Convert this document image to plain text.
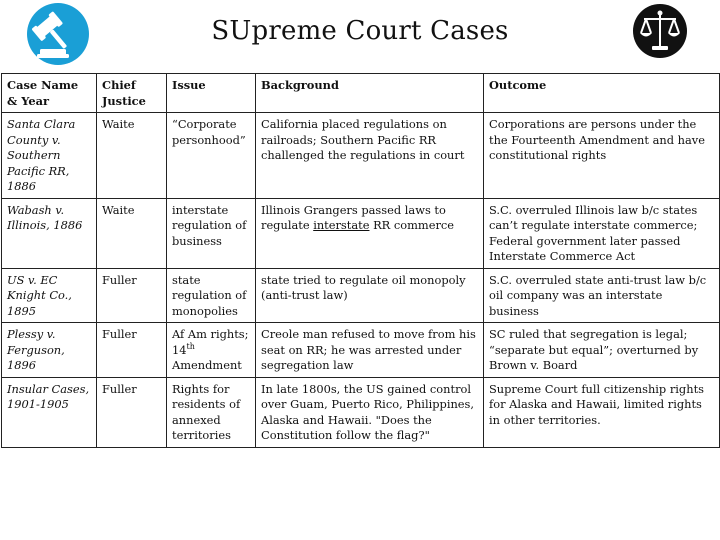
SUpreme Court Cases
Case Name & Year	Chief Justice	Issue	Background	Outcome
Santa Clara County v. Southern Pacific RR, 1886	Waite	“Corporate personhood”	California placed regulations on railroads; Southern Pacific RR challenged the regulations in court	Corporations are persons under the the Fourteenth Amendment and have constitutional rights
Wabash v. Illinois, 1886	Waite	interstate regulation of business	Illinois Grangers passed laws to regulate interstate RR commerce	S.C. overruled Illinois law b/c states can’t regulate interstate commerce; Federal government later passed Interstate Commerce Act
US v. EC Knight Co., 1895	Fuller	state regulation of monopolies	state tried to regulate oil monopoly (anti-trust law)	S.C. overruled state anti-trust law b/c oil company was an interstate business
Plessy v. Ferguson, 1896	Fuller	Af Am rights; 14th Amendment	Creole man refused to move from his seat on RR; he was arrested under segregation law	SC ruled that segregation is legal; “separate but equal”; overturned by Brown v. Board
Insular Cases, 1901-1905	Fuller	Rights for residents of annexed territories	In late 1800s, the US gained control over Guam, Puerto Rico, Philippines, Alaska and Hawaii. "Does the Constitution follow the flag?"	Supreme Court full citizenship rights for Alaska and Hawaii, limited rights in other territories.
